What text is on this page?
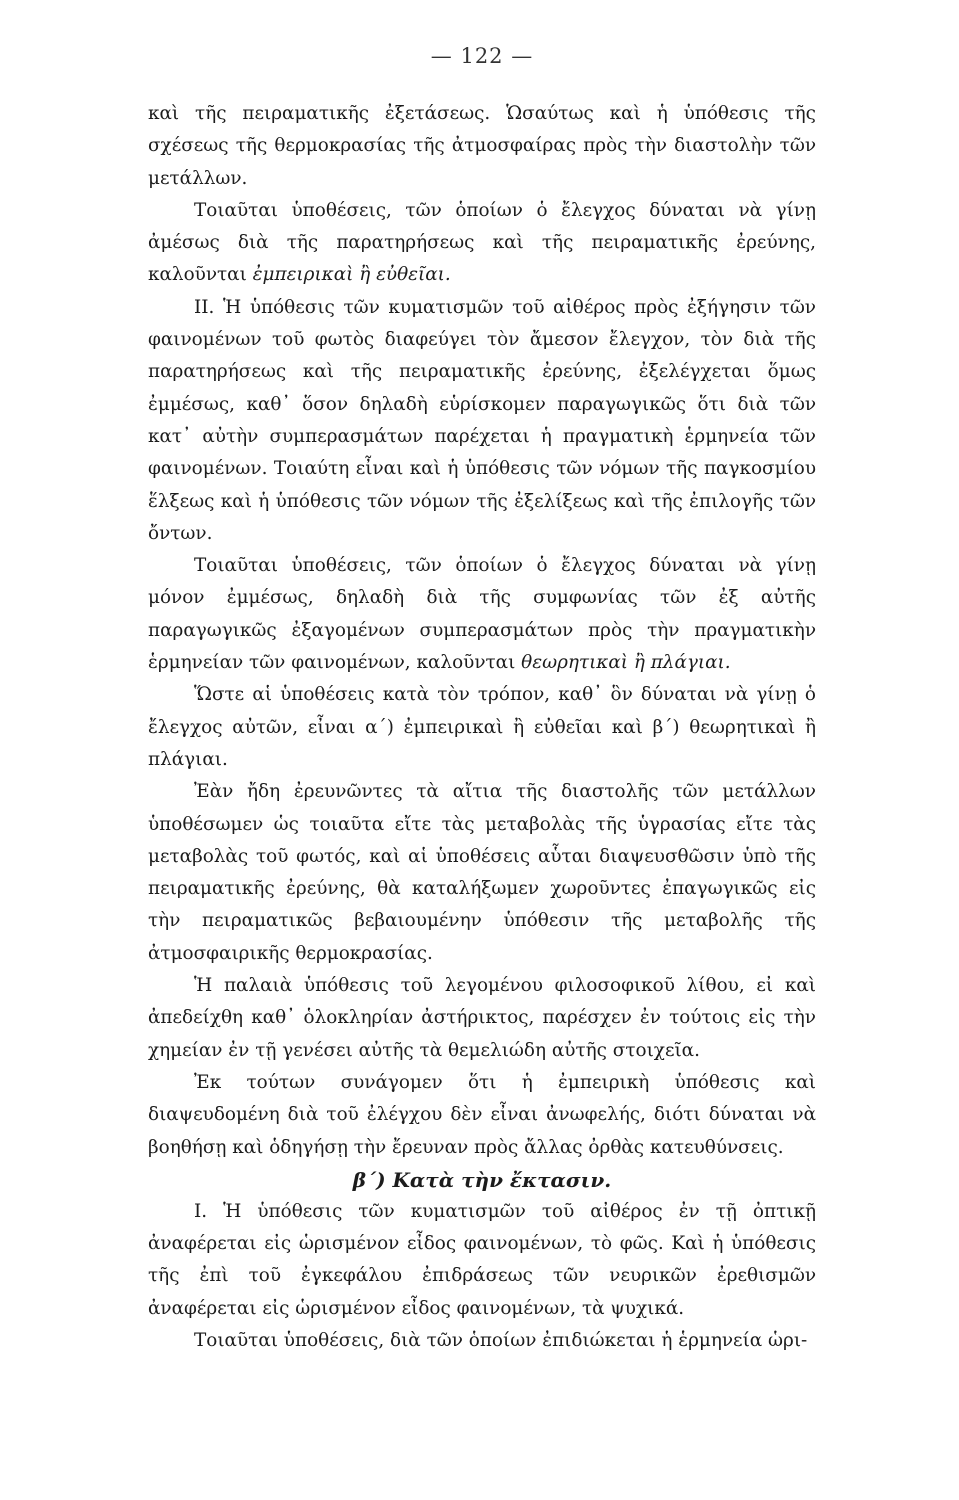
— 122 —

καὶ τῆς πειραματικῆς ἐξετάσεως. Ὡσαύτως καὶ ἡ ὑπόθεσις τῆς σχέσεως τῆς θερμοκρασίας τῆς ἀτμοσφαίρας πρὸς τὴν διαστολὴν τῶν μετάλλων.

Τοιαῦται ὑποθέσεις, τῶν ὁποίων ὁ ἔλεγχος δύναται νὰ γίνῃ ἀμέσως διὰ τῆς παρατηρήσεως καὶ τῆς πειραματικῆς ἐρεύνης, καλοῦνται ἐμπειρικαὶ ἢ εὐθεῖαι.

ΙΙ. Ἡ ὑπόθεσις τῶν κυματισμῶν τοῦ αἰθέρος πρὸς ἐξήγησιν τῶν φαινομένων τοῦ φωτὸς διαφεύγει τὸν ἄμεσον ἔλεγχον, τὸν διὰ τῆς παρατηρήσεως καὶ τῆς πειραματικῆς ἐρεύνης, ἐξελέγχεται ὅμως ἐμμέσως, καθ᾿ ὅσον δηλαδὴ εὑρίσκομεν παραγωγικῶς ὅτι διὰ τῶν κατ᾿ αὐτὴν συμπερασμάτων παρέχεται ἡ πραγματικὴ ἑρμηνεία τῶν φαινομένων. Τοιαύτη εἶναι καὶ ἡ ὑπόθεσις τῶν νόμων τῆς παγκοσμίου ἕλξεως καὶ ἡ ὑπόθεσις τῶν νόμων τῆς ἐξελίξεως καὶ τῆς ἐπιλογῆς τῶν ὄντων.

Τοιαῦται ὑποθέσεις, τῶν ὁποίων ὁ ἔλεγχος δύναται νὰ γίνῃ μόνον ἐμμέσως, δηλαδὴ διὰ τῆς συμφωνίας τῶν ἐξ αὐτῆς παραγωγικῶς ἐξαγομένων συμπερασμάτων πρὸς τὴν πραγματικὴν ἑρμηνείαν τῶν φαινομένων, καλοῦνται θεωρητικαὶ ἢ πλάγιαι.

Ὥστε αἱ ὑποθέσεις κατὰ τὸν τρόπον, καθ᾿ ὃν δύναται νὰ γίνῃ ὁ ἔλεγχος αὐτῶν, εἶναι α´) ἐμπειρικαὶ ἢ εὐθεῖαι καὶ β´) θεωρητικαὶ ἢ πλάγιαι.

Ἐὰν ἤδη ἐρευνῶντες τὰ αἴτια τῆς διαστολῆς τῶν μετάλλων ὑποθέσωμεν ὡς τοιαῦτα εἴτε τὰς μεταβολὰς τῆς ὑγρασίας εἴτε τὰς μεταβολὰς τοῦ φωτός, καὶ αἱ ὑποθέσεις αὗται διαψευσθῶσιν ὑπὸ τῆς πειραματικῆς ἐρεύνης, θὰ καταλήξωμεν χωροῦντες ἐπαγωγικῶς εἰς τὴν πειραματικῶς βεβαιουμένην ὑπόθεσιν τῆς μεταβολῆς τῆς ἀτμοσφαιρικῆς θερμοκρασίας.

Ἡ παλαιὰ ὑπόθεσις τοῦ λεγομένου φιλοσοφικοῦ λίθου, εἰ καὶ ἀπεδείχθη καθ᾿ ὁλοκληρίαν ἀστήρικτος, παρέσχεν ἐν τούτοις εἰς τὴν χημείαν ἐν τῇ γενέσει αὐτῆς τὰ θεμελιώδη αὐτῆς στοιχεῖα.

Ἐκ τούτων συνάγομεν ὅτι ἡ ἐμπειρικὴ ὑπόθεσις καὶ διαψευδομένη διὰ τοῦ ἐλέγχου δὲν εἶναι ἀνωφελής, διότι δύναται νὰ βοηθήσῃ καὶ ὁδηγήσῃ τὴν ἔρευναν πρὸς ἄλλας ὀρθὰς κατευθύνσεις.

β´) Κατὰ τὴν ἔκτασιν.

Ι. Ἡ ὑπόθεσις τῶν κυματισμῶν τοῦ αἰθέρος ἐν τῇ ὀπτικῇ ἀναφέρεται εἰς ὡρισμένον εἶδος φαινομένων, τὸ φῶς. Καὶ ἡ ὑπόθεσις τῆς ἐπὶ τοῦ ἐγκεφάλου ἐπιδράσεως τῶν νευρικῶν ἐρεθισμῶν ἀναφέρεται εἰς ὡρισμένον εἶδος φαινομένων, τὰ ψυχικά.

Τοιαῦται ὑποθέσεις, διὰ τῶν ὁποίων ἐπιδιώκεται ἡ ἑρμηνεία ὡρι-
